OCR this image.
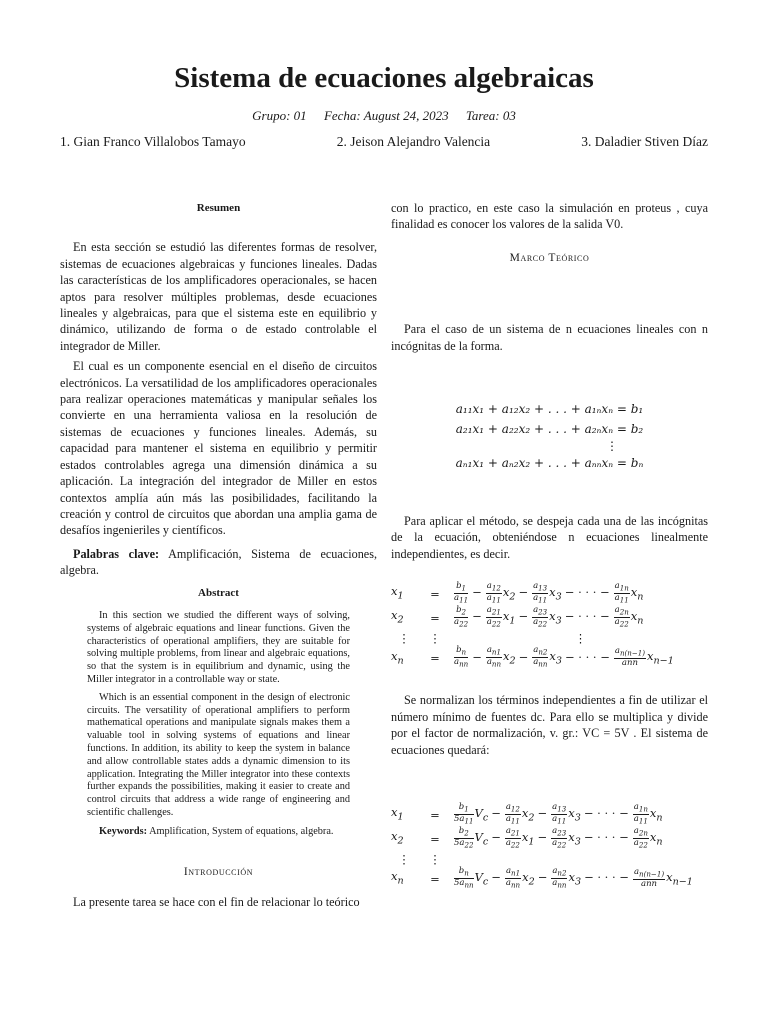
Sistema de ecuaciones algebraicas
Grupo: 01 Fecha: August 24, 2023 Tarea: 03
1. Gian Franco Villalobos Tamayo	2. Jeison Alejandro Valencia	3. Daladier Stiven Díaz
Resumen

En esta sección se estudió las diferentes formas de resolver, sistemas de ecuaciones algebraicas y funciones lineales. Dadas las características de los amplificadores operacionales, se hacen aptos para resolver múltiples problemas, desde ecuaciones lineales y algebraicas, para que el sistema este en equilibrio y dinámico, utilizando de forma o de estado controlable el integrador de Miller.

El cual es un componente esencial en el diseño de circuitos electrónicos. La versatilidad de los amplificadores operacionales para realizar operaciones matemáticas y manipular señales los convierte en una herramienta valiosa en la resolución de sistemas de ecuaciones y funciones lineales. Además, su capacidad para mantener el sistema en equilibrio y permitir estados controlables agrega una dimensión dinámica a su aplicación. La integración del integrador de Miller en estos contextos amplía aún más las posibilidades, facilitando la creación y control de circuitos que abordan una amplia gama de desafíos ingenieriles y científicos.

Palabras clave: Amplificación, Sistema de ecuaciones, algebra.

Abstract

In this section we studied the different ways of solving, systems of algebraic equations and linear functions. Given the characteristics of operational amplifiers, they are suitable for solving multiple problems, from linear and algebraic equations, so that the system is in equilibrium and dynamic, using the Miller integrator in a controllable way or state.

Which is an essential component in the design of electronic circuits. The versatility of operational amplifiers to perform mathematical operations and manipulate signals makes them a valuable tool in solving systems of equations and linear functions. In addition, its ability to keep the system in balance and allow controllable states adds a dynamic dimension to its application. Integrating the Miller integrator into these contexts further expands the possibilities, making it easier to create and control circuits that address a wide range of engineering and scientific challenges.

Keywords: Amplification, System of equations, algebra.

Introducción

La presente tarea se hace con el fin de relacionar lo teórico

con lo practico, en este caso la simulación en proteus , cuya finalidad es conocer los valores de la salida V0.

Marco Teórico

Para el caso de un sistema de n ecuaciones lineales con n incógnitas de la forma.

a₁₁x₁ + a₁₂x₂ + . . . + a₁ₙxₙ = b₁
a₂₁x₁ + a₂₂x₂ + . . . + a₂ₙxₙ = b₂
⋮
aₙ₁x₁ + aₙ₂x₂ + . . . + aₙₙxₙ = bₙ

Para aplicar el método, se despeja cada una de las incógnitas de la ecuación, obteniéndose n ecuaciones linealmente independientes, es decir.

$x_1$	=	$\frac{b_1}{a_{11}} - \frac{a_{12}}{a_{11}} x_2 - \frac{a_{13}}{a_{11}} x_3$ − · · · − $\frac{a_{1n}}{a_{11}} x_n$
$x_2$	=	$\frac{b_2}{a_{22}} - \frac{a_{21}}{a_{22}} x_1 - \frac{a_{23}}{a_{22}} x_3$ − · · · − $\frac{a_{2n}}{a_{22}} x_n$
⋮	⋮	⋮
$x_n$	=	$\frac{b_n}{a_{nn}} - \frac{a_{n1}}{a_{nn}} x_2 - \frac{a_{n2}}{a_{nn}} x_3$ − · · · − $\frac{a_{n(n-1)}}{\text{ann}} x_{n-1}$

Se normalizan los términos independientes a fin de utilizar el número mínimo de fuentes dc. Para ello se multiplica y divide por el factor de normalización, v. gr.: VC = 5V . El sistema de ecuaciones quedará:

$x_1$	=	$\frac{b_1}{5a_{11}} V_c - \frac{a_{12}}{a_{11}} x_2 - \frac{a_{13}}{a_{11}} x_3$ − · · · − $\frac{a_{1n}}{a_{11}} x_n$
$x_2$	=	$\frac{b_2}{5a_{22}} V_c - \frac{a_{21}}{a_{22}} x_1 - \frac{a_{23}}{a_{22}} x_3$ − · · · − $\frac{a_{2n}}{a_{22}} x_n$
⋮	⋮
$x_n$	=	$\frac{b_n}{5a_{nn}} V_c - \frac{a_{n1}}{a_{nn}} x_2 - \frac{a_{n2}}{a_{nn}} x_3$ − · · · − $\frac{a_{n(n-1)}}{\text{ann}} x_{n-1}$
